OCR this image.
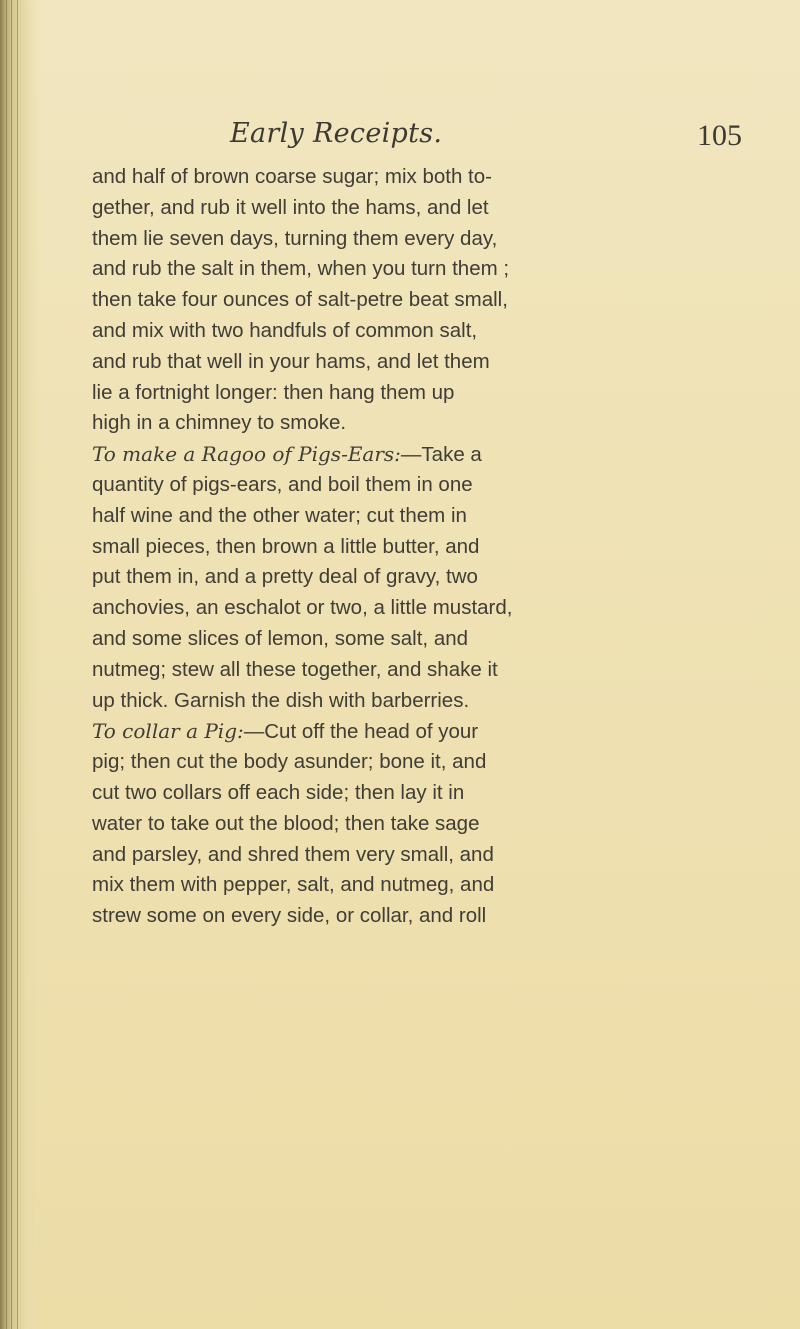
Early Receipts.	105
and half of brown coarse sugar; mix both to-
gether, and rub it well into the hams, and let
them lie seven days, turning them every day,
and rub the salt in them, when you turn them ;
then take four ounces of salt-petre beat small,
and mix with two handfuls of common salt,
and rub that well in your hams, and let them
lie a fortnight longer: then hang them up
high in a chimney to smoke.
To make a Ragoo of Pigs-Ears:—Take a
quantity of pigs-ears, and boil them in one
half wine and the other water; cut them in
small pieces, then brown a little butter, and
put them in, and a pretty deal of gravy, two
anchovies, an eschalot or two, a little mustard,
and some slices of lemon, some salt, and
nutmeg; stew all these together, and shake it
up thick. Garnish the dish with barberries.
To collar a Pig:—Cut off the head of your
pig; then cut the body asunder; bone it, and
cut two collars off each side; then lay it in
water to take out the blood; then take sage
and parsley, and shred them very small, and
mix them with pepper, salt, and nutmeg, and
strew some on every side, or collar, and roll
